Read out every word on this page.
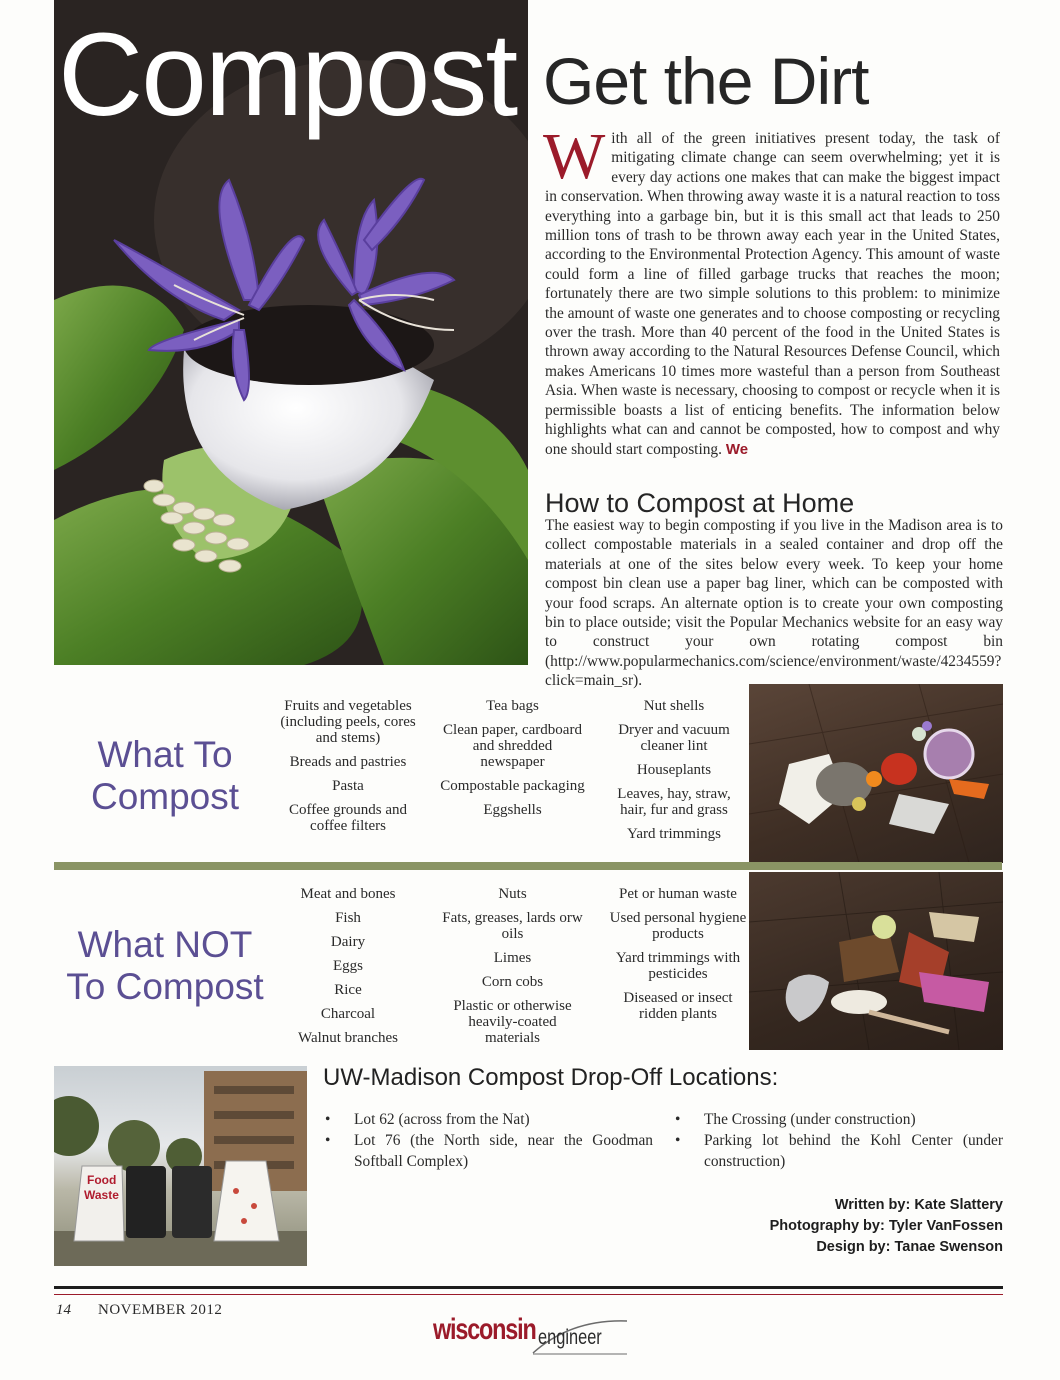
Compost Get the Dirt
W ith all of the green initiatives present today, the task of mitigating climate change can seem overwhelming; yet it is every day actions one makes that can make the biggest impact in conservation. When throwing away waste it is a natural reaction to toss everything into a garbage bin, but it is this small act that leads to 250 million tons of trash to be thrown away each year in the United States, according to the Environmental Protection Agency. This amount of waste could form a line of filled garbage trucks that reaches the moon; fortunately there are two simple solutions to this problem: to minimize the amount of waste one generates and to choose composting or recycling over the trash. More than 40 percent of the food in the United States is thrown away according to the Natural Resources Defense Council, which makes Americans 10 times more wasteful than a person from Southeast Asia. When waste is necessary, choosing to compost or recycle when it is permissible boasts a list of enticing benefits. The information below highlights what can and cannot be composted, how to compost and why one should start composting. We
How to Compost at Home
The easiest way to begin composting if you live in the Madison area is to collect compostable materials in a sealed container and drop off the materials at one of the sites below every week. To keep your home compost bin clean use a paper bag liner, which can be composted with your food scraps. An alternate option is to create your own composting bin to place outside; visit the Popular Mechanics website for an easy way to construct your own rotating compost bin (http://www.popularmechanics.com/science/environment/waste/4234559?click=main_sr).
What To
Compost
Fruits and vegetables (including peels, cores and stems)
Breads and pastries
Pasta
Coffee grounds and coffee filters
Tea bags
Clean paper, cardboard and shredded newspaper
Compostable packaging
Eggshells
Nut shells
Dryer and vacuum cleaner lint
Houseplants
Leaves, hay, straw, hair, fur and grass
Yard trimmings
What NOT
To Compost
Meat and bones
Fish
Dairy
Eggs
Rice
Charcoal
Walnut branches
Nuts
Fats, greases, lards orw oils
Limes
Corn cobs
Plastic or otherwise heavily-coated materials
Pet or human waste
Used personal hygiene products
Yard trimmings with pesticides
Diseased or insect ridden plants
Food
Waste
UW-Madison Compost Drop-Off Locations:
• Lot 62 (across from the Nat)
• Lot 76 (the North side, near the Goodman Softball Complex)
• The Crossing (under construction)
• Parking lot behind the Kohl Center (under construction)
Written by: Kate Slattery
Photography by: Tyler VanFossen
Design by: Tanae Swenson
14 NOVEMBER 2012
wisconsin engineer
